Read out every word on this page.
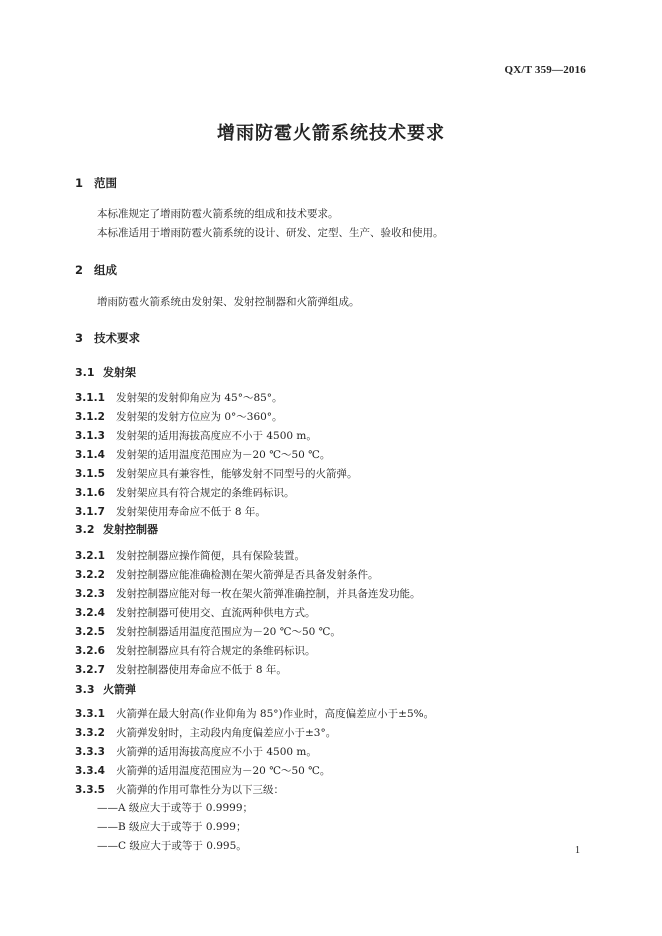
QX/T 359—2016
增雨防雹火箭系统技术要求
1 范围
本标准规定了增雨防雹火箭系统的组成和技术要求。
本标准适用于增雨防雹火箭系统的设计、研发、定型、生产、验收和使用。
2 组成
增雨防雹火箭系统由发射架、发射控制器和火箭弹组成。
3 技术要求
3.1 发射架
3.1.1 发射架的发射仰角应为 45°～85°。
3.1.2 发射架的发射方位应为 0°～360°。
3.1.3 发射架的适用海拔高度应不小于 4500 m。
3.1.4 发射架的适用温度范围应为－20 ℃～50 ℃。
3.1.5 发射架应具有兼容性，能够发射不同型号的火箭弹。
3.1.6 发射架应具有符合规定的条维码标识。
3.1.7 发射架使用寿命应不低于 8 年。
3.2 发射控制器
3.2.1 发射控制器应操作简便，具有保险装置。
3.2.2 发射控制器应能准确检测在架火箭弹是否具备发射条件。
3.2.3 发射控制器应能对每一枚在架火箭弹准确控制，并具备连发功能。
3.2.4 发射控制器可使用交、直流两种供电方式。
3.2.5 发射控制器适用温度范围应为－20 ℃～50 ℃。
3.2.6 发射控制器应具有符合规定的条维码标识。
3.2.7 发射控制器使用寿命应不低于 8 年。
3.3 火箭弹
3.3.1 火箭弹在最大射高(作业仰角为 85°)作业时，高度偏差应小于±5%。
3.3.2 火箭弹发射时，主动段内角度偏差应小于±3°。
3.3.3 火箭弹的适用海拔高度应不小于 4500 m。
3.3.4 火箭弹的适用温度范围应为－20 ℃～50 ℃。
3.3.5 火箭弹的作用可靠性分为以下三级：
——A 级应大于或等于 0.9999；
——B 级应大于或等于 0.999；
——C 级应大于或等于 0.995。	1
